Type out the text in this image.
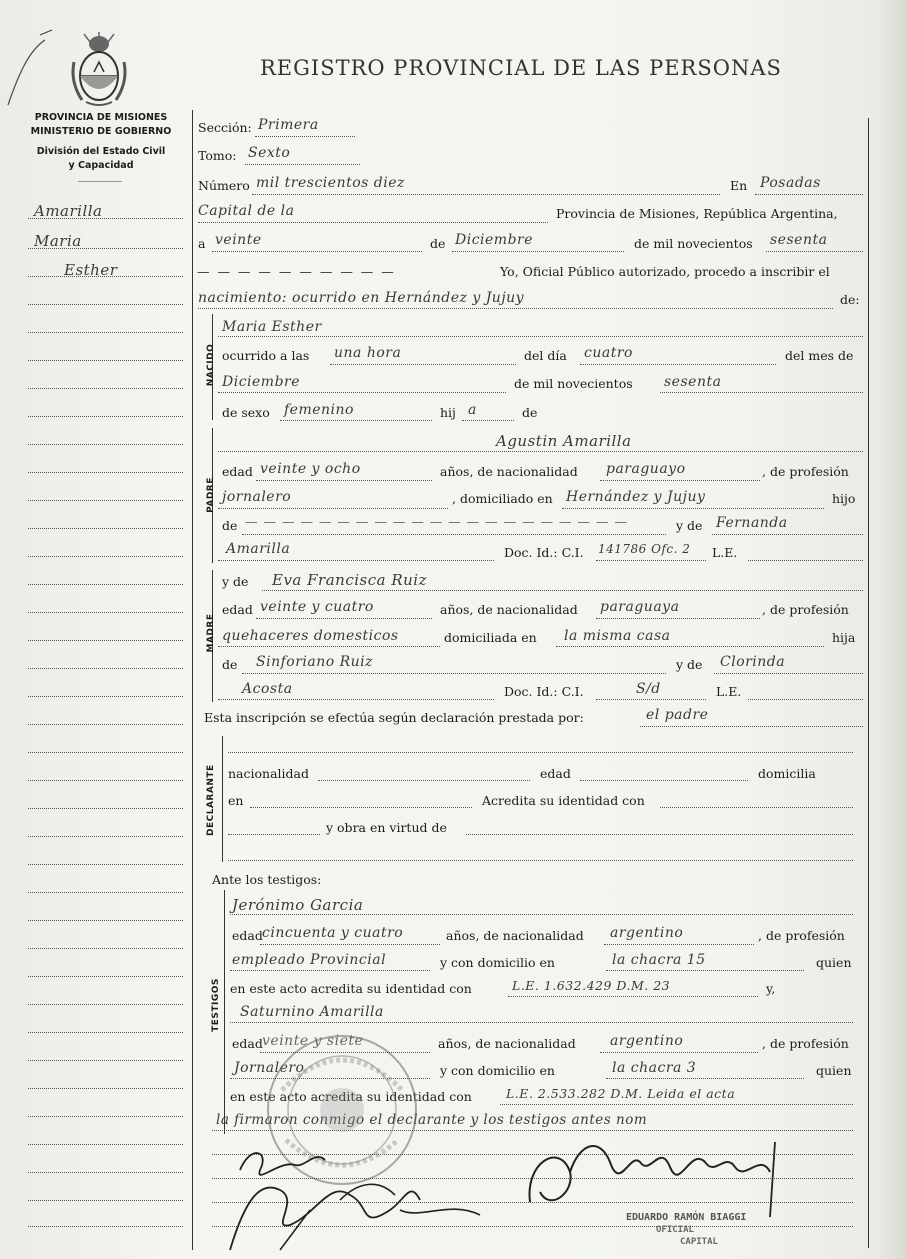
REGISTRO PROVINCIAL DE LAS PERSONAS
PROVINCIA DE MISIONES
MINISTERIO DE GOBIERNO
División del Estado Civil
y Capacidad
Amarilla
Maria
Esther
Sección: Primera
Tomo: Sexto
Número mil trescientos diez	En Posadas
Capital de la	Provincia de Misiones, República Argentina,
a veinte	de Diciembre	de mil novecientos sesenta
— — — — — — — — — —	Yo, Oficial Público autorizado, procedo a inscribir el
nacimiento: ocurrido en Hernández y Jujuy	de:
NACIDO
Maria Esther
ocurrido a las una hora	del día cuatro	del mes de
Diciembre	de mil novecientos sesenta
de sexo femenino	hij a	de
PADRE
Agustin Amarilla
edad veinte y ocho	años, de nacionalidad paraguayo	, de profesión
jornalero	, domiciliado en Hernández y Jujuy	hijo
de — — — — — — — — — — — — — — — — — — — — —	y de Fernanda
Amarilla	Doc. Id.: C.I. 141786 Ofc. 2 L.E.
MADRE
y de Eva Francisca Ruiz
edad veinte y cuatro	años, de nacionalidad paraguaya	, de profesión
quehaceres domesticos	domiciliada en la misma casa	hija
de Sinforiano Ruiz	y de Clorinda
Acosta	Doc. Id.: C.I.	S/d	L.E.
Esta inscripción se efectúa según declaración prestada por:	el padre
DECLARANTE nacionalidad	edad	domicilia
en	Acredita su identidad con
y obra en virtud de
Ante los testigos:
TESTIGOS
Jerónimo Garcia
edad cincuenta y cuatro	años, de nacionalidad argentino	, de profesión
empleado Provincial	y con domicilio en	la chacra 15	quien
en este acto acredita su identidad con	L.E. 1.632.429 D.M. 23	y,
Saturnino Amarilla
edad veinte y siete	años, de nacionalidad argentino	, de profesión
Jornalero	y con domicilio en	la chacra 3	quien
en este acto acredita su identidad con	L.E. 2.533.282 D.M. Leida el acta
la firmaron conmigo el declarante y los testigos antes nom
EDUARDO RAMÓN BIAGGI
OFICIAL
CAPITAL
